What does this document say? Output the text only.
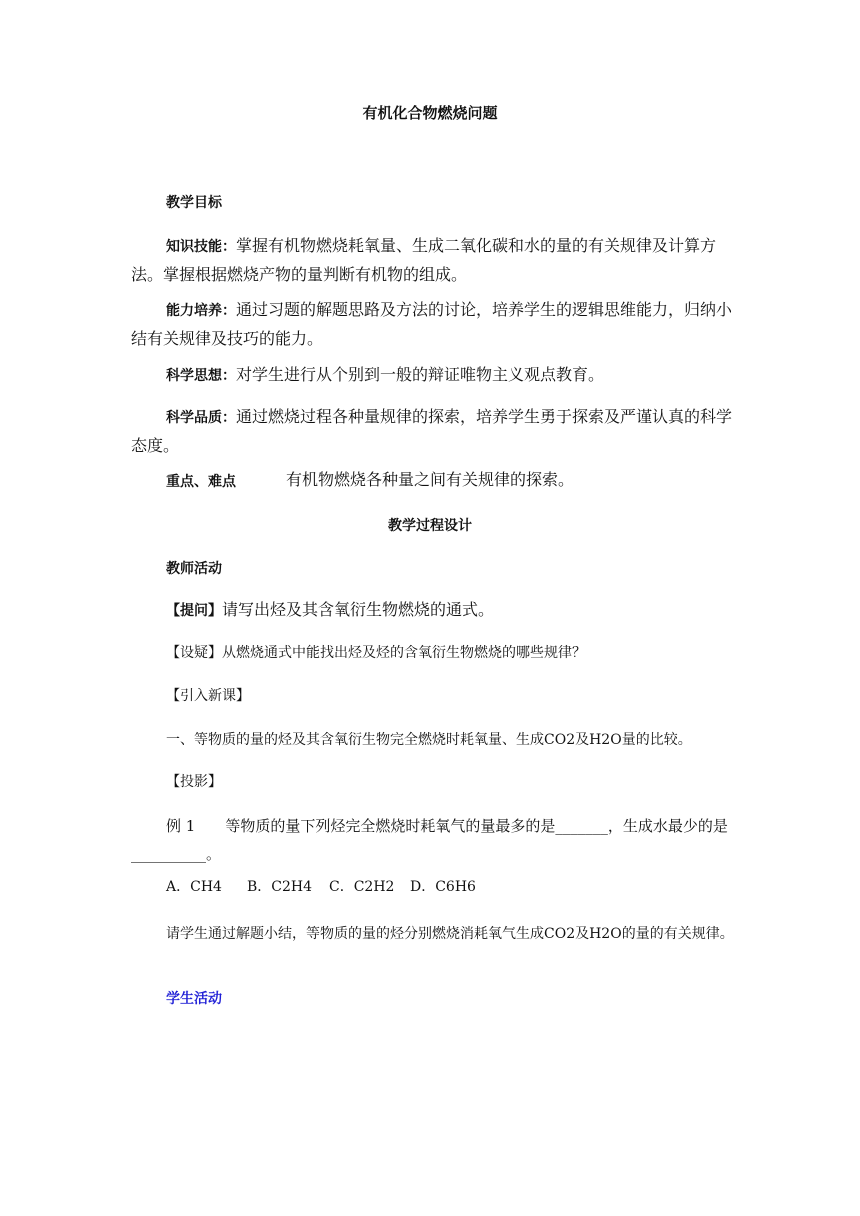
有机化合物燃烧问题
教学目标
知识技能：掌握有机物燃烧耗氧量、生成二氧化碳和水的量的有关规律及计算方法。掌握根据燃烧产物的量判断有机物的组成。
能力培养：通过习题的解题思路及方法的讨论，培养学生的逻辑思维能力，归纳小结有关规律及技巧的能力。
科学思想：对学生进行从个别到一般的辩证唯物主义观点教育。
科学品质：通过燃烧过程各种量规律的探索，培养学生勇于探索及严谨认真的科学态度。
重点、难点	有机物燃烧各种量之间有关规律的探索。
教学过程设计
教师活动
【提问】请写出烃及其含氧衍生物燃烧的通式。
【设疑】从燃烧通式中能找出烃及烃的含氧衍生物燃烧的哪些规律？
【引入新课】
一、等物质的量的烃及其含氧衍生物完全燃烧时耗氧量、生成CO2及H2O量的比较。
【投影】
例 1 等物质的量下列烃完全燃烧时耗氧气的量最多的是_______，生成水最少的是__________。
A．CH4 B．C2H4 C．C2H2 D．C6H6
请学生通过解题小结，等物质的量的烃分别燃烧消耗氧气生成CO2及H2O的量的有关规律。
学生活动
